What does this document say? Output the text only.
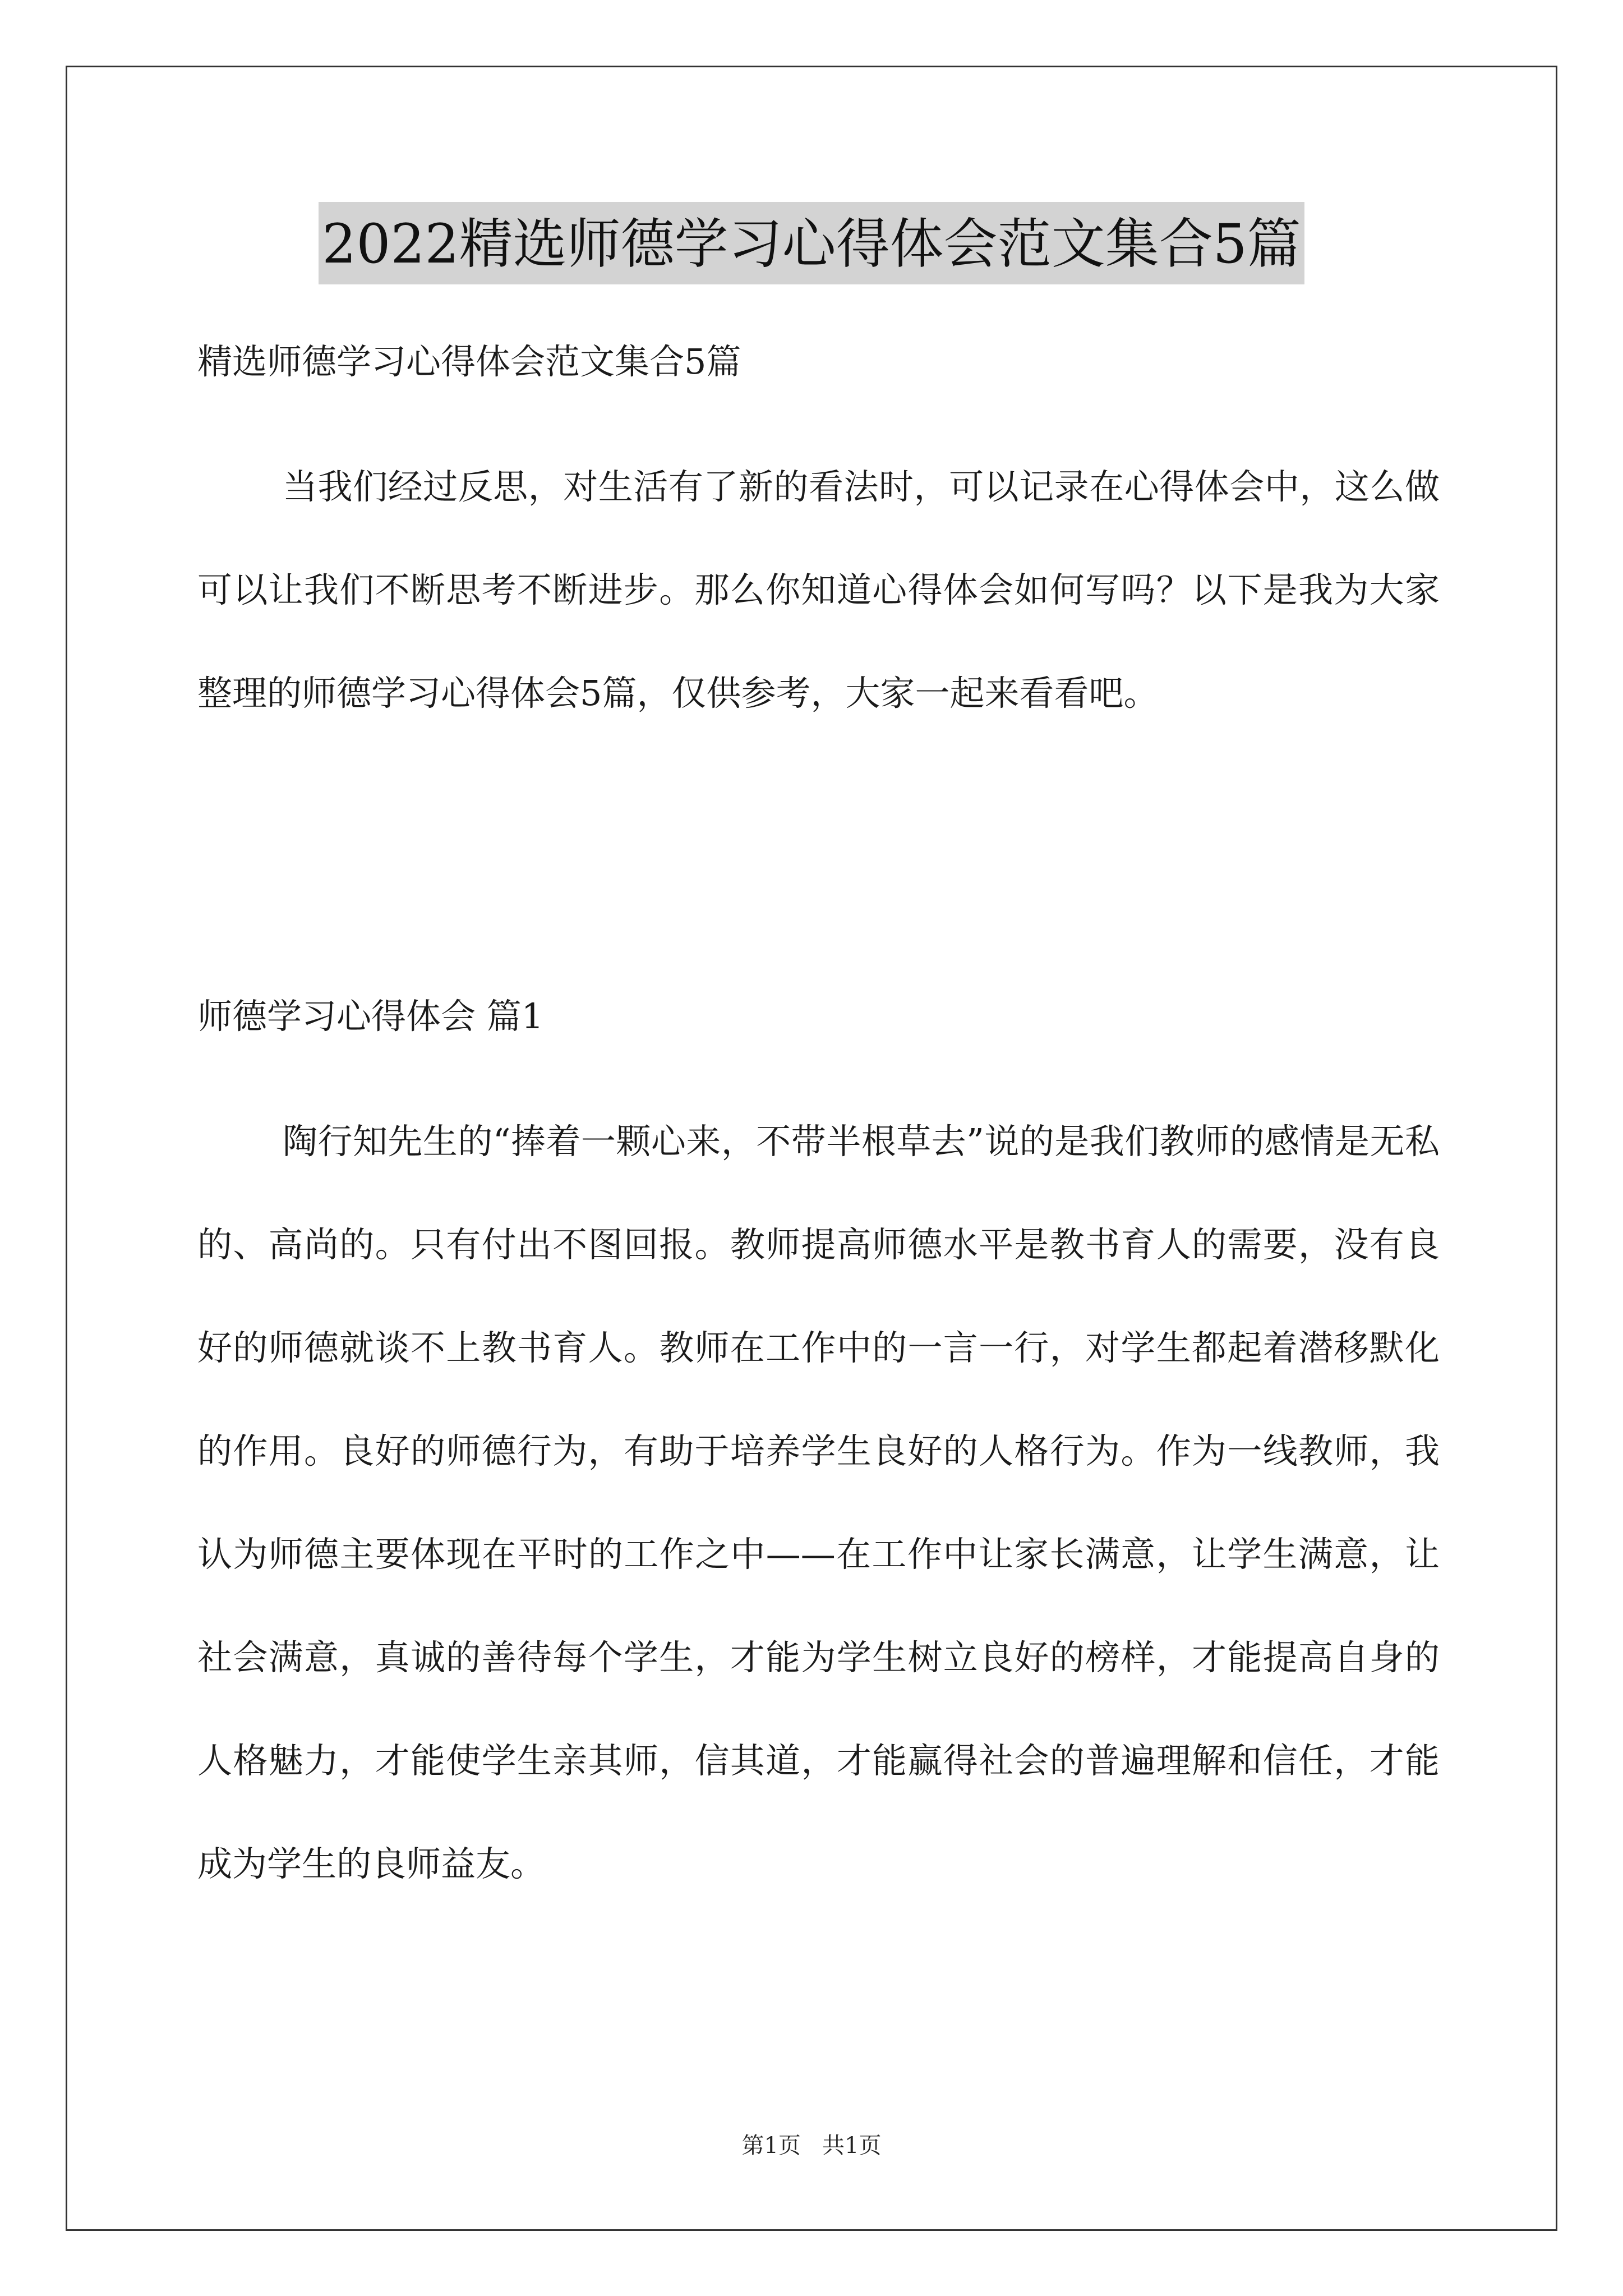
2022精选师德学习心得体会范文集合5篇
精选师德学习心得体会范文集合5篇

当我们经过反思，对生活有了新的看法时，可以记录在心得体会中，这么做可以让我们不断思考不断进步。那么你知道心得体会如何写吗？以下是我为大家整理的师德学习心得体会5篇，仅供参考，大家一起来看看吧。

师德学习心得体会 篇1

陶行知先生的“捧着一颗心来，不带半根草去”说的是我们教师的感情是无私的、高尚的。只有付出不图回报。教师提高师德水平是教书育人的需要，没有良好的师德就谈不上教书育人。教师在工作中的一言一行，对学生都起着潜移默化的作用。良好的师德行为，有助于培养学生良好的人格行为。作为一线教师，我认为师德主要体现在平时的工作之中——在工作中让家长满意，让学生满意，让社会满意，真诚的善待每个学生，才能为学生树立良好的榜样，才能提高自身的人格魅力，才能使学生亲其师，信其道，才能赢得社会的普遍理解和信任，才能成为学生的良师益友。

第1页   共1页
